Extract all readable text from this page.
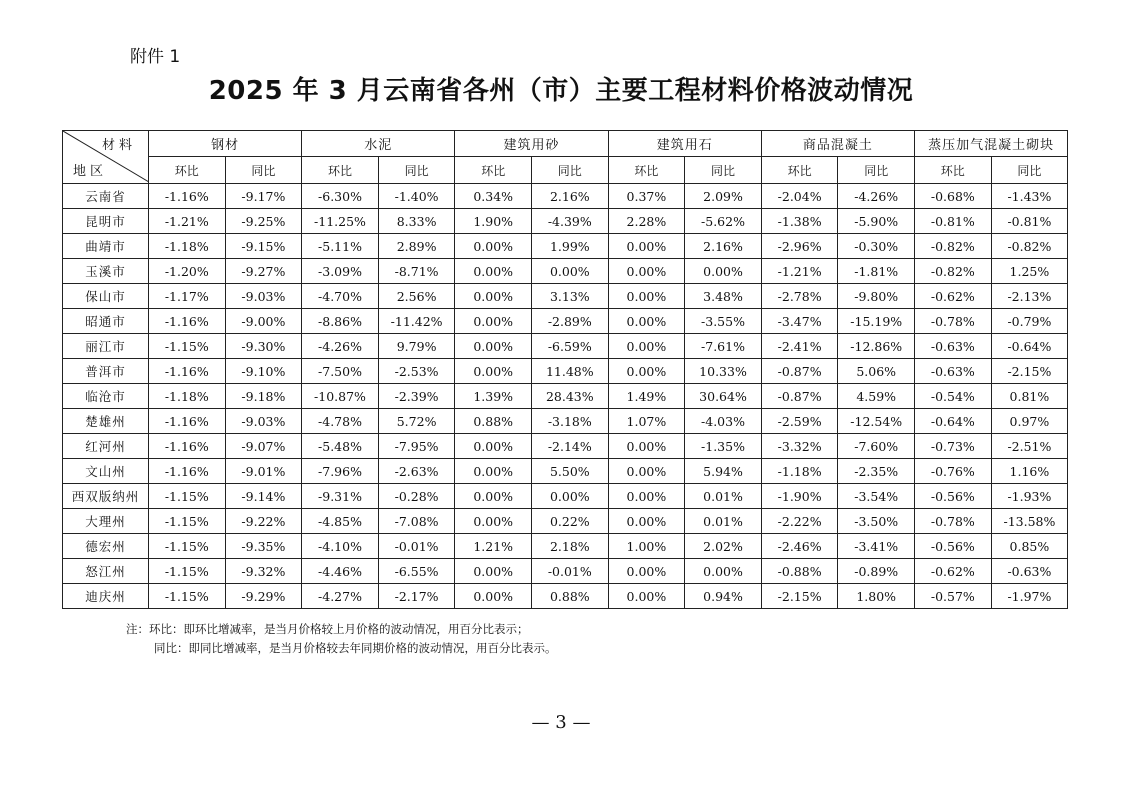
附件 1
2025 年 3 月云南省各州（市）主要工程材料价格波动情况
材料
地区	钢材		水泥		建筑用砂		建筑用石		商品混凝土		蒸压加气混凝土砌块	
	环比	同比	环比	同比	环比	同比	环比	同比	环比	同比	环比	同比
云南省	-1.16%	-9.17%	-6.30%	-1.40%	0.34%	2.16%	0.37%	2.09%	-2.04%	-4.26%	-0.68%	-1.43%
昆明市	-1.21%	-9.25%	-11.25%	8.33%	1.90%	-4.39%	2.28%	-5.62%	-1.38%	-5.90%	-0.81%	-0.81%
曲靖市	-1.18%	-9.15%	-5.11%	2.89%	0.00%	1.99%	0.00%	2.16%	-2.96%	-0.30%	-0.82%	-0.82%
玉溪市	-1.20%	-9.27%	-3.09%	-8.71%	0.00%	0.00%	0.00%	0.00%	-1.21%	-1.81%	-0.82%	1.25%
保山市	-1.17%	-9.03%	-4.70%	2.56%	0.00%	3.13%	0.00%	3.48%	-2.78%	-9.80%	-0.62%	-2.13%
昭通市	-1.16%	-9.00%	-8.86%	-11.42%	0.00%	-2.89%	0.00%	-3.55%	-3.47%	-15.19%	-0.78%	-0.79%
丽江市	-1.15%	-9.30%	-4.26%	9.79%	0.00%	-6.59%	0.00%	-7.61%	-2.41%	-12.86%	-0.63%	-0.64%
普洱市	-1.16%	-9.10%	-7.50%	-2.53%	0.00%	11.48%	0.00%	10.33%	-0.87%	5.06%	-0.63%	-2.15%
临沧市	-1.18%	-9.18%	-10.87%	-2.39%	1.39%	28.43%	1.49%	30.64%	-0.87%	4.59%	-0.54%	0.81%
楚雄州	-1.16%	-9.03%	-4.78%	5.72%	0.88%	-3.18%	1.07%	-4.03%	-2.59%	-12.54%	-0.64%	0.97%
红河州	-1.16%	-9.07%	-5.48%	-7.95%	0.00%	-2.14%	0.00%	-1.35%	-3.32%	-7.60%	-0.73%	-2.51%
文山州	-1.16%	-9.01%	-7.96%	-2.63%	0.00%	5.50%	0.00%	5.94%	-1.18%	-2.35%	-0.76%	1.16%
西双版纳州	-1.15%	-9.14%	-9.31%	-0.28%	0.00%	0.00%	0.00%	0.01%	-1.90%	-3.54%	-0.56%	-1.93%
大理州	-1.15%	-9.22%	-4.85%	-7.08%	0.00%	0.22%	0.00%	0.01%	-2.22%	-3.50%	-0.78%	-13.58%
德宏州	-1.15%	-9.35%	-4.10%	-0.01%	1.21%	2.18%	1.00%	2.02%	-2.46%	-3.41%	-0.56%	0.85%
怒江州	-1.15%	-9.32%	-4.46%	-6.55%	0.00%	-0.01%	0.00%	0.00%	-0.88%	-0.89%	-0.62%	-0.63%
迪庆州	-1.15%	-9.29%	-4.27%	-2.17%	0.00%	0.88%	0.00%	0.94%	-2.15%	1.80%	-0.57%	-1.97%
注：环比：即环比增减率，是当月价格较上月价格的波动情况，用百分比表示；
同比：即同比增减率，是当月价格较去年同期价格的波动情况，用百分比表示。
— 3 —
